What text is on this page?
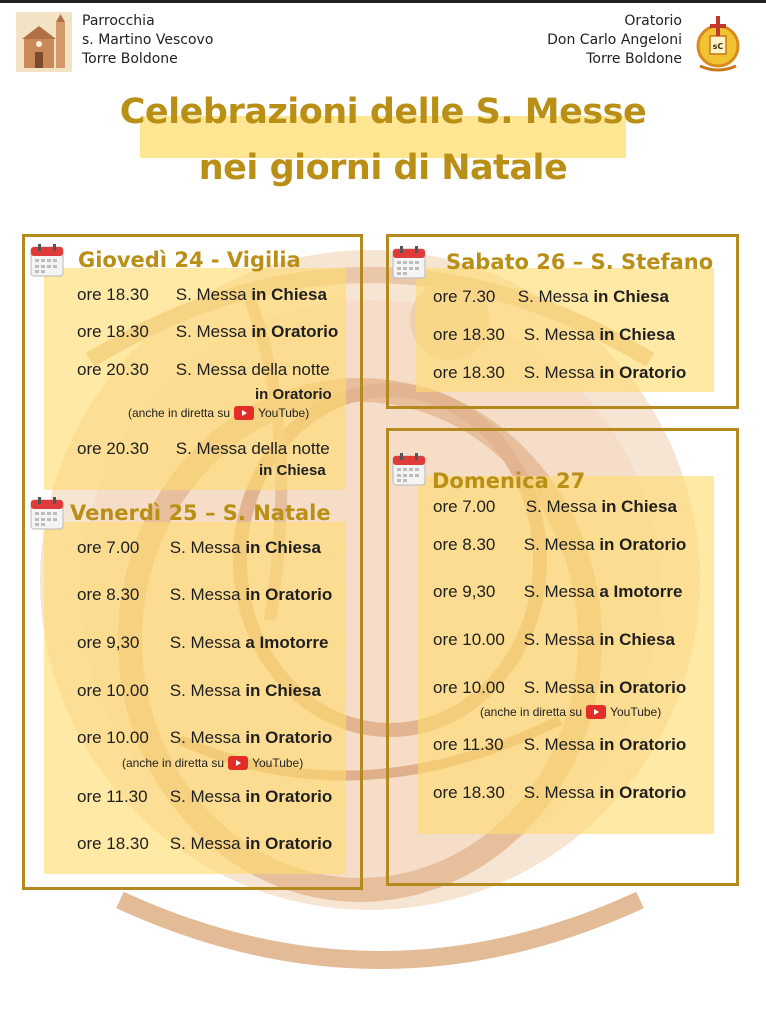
Parrocchia
s. Martino Vescovo
Torre Boldone
Oratorio
Don Carlo Angeloni
Torre Boldone
sC
Celebrazioni delle S. Messe
nei giorni di Natale
Giovedì 24 - Vigilia
ore 18.30 S. Messa in Chiesa
ore 18.30 S. Messa in Oratorio
ore 20.30 S. Messa della notte
in Oratorio
(anche in diretta su YouTube)
ore 20.30 S. Messa della notte
in Chiesa
Venerdì 25 – S. Natale
ore 7.00 S. Messa in Chiesa
ore 8.30 S. Messa in Oratorio
ore 9,30 S. Messa a Imotorre
ore 10.00 S. Messa in Chiesa
ore 10.00 S. Messa in Oratorio
(anche in diretta su YouTube)
ore 11.30 S. Messa in Oratorio
ore 18.30 S. Messa in Oratorio
Sabato 26 – S. Stefano
ore 7.30 S. Messa in Chiesa
ore 18.30 S. Messa in Chiesa
ore 18.30 S. Messa in Oratorio
Domenica 27
ore 7.00 S. Messa in Chiesa
ore 8.30 S. Messa in Oratorio
ore 9,30 S. Messa a Imotorre
ore 10.00 S. Messa in Chiesa
ore 10.00 S. Messa in Oratorio
(anche in diretta su YouTube)
ore 11.30 S. Messa in Oratorio
ore 18.30 S. Messa in Oratorio
